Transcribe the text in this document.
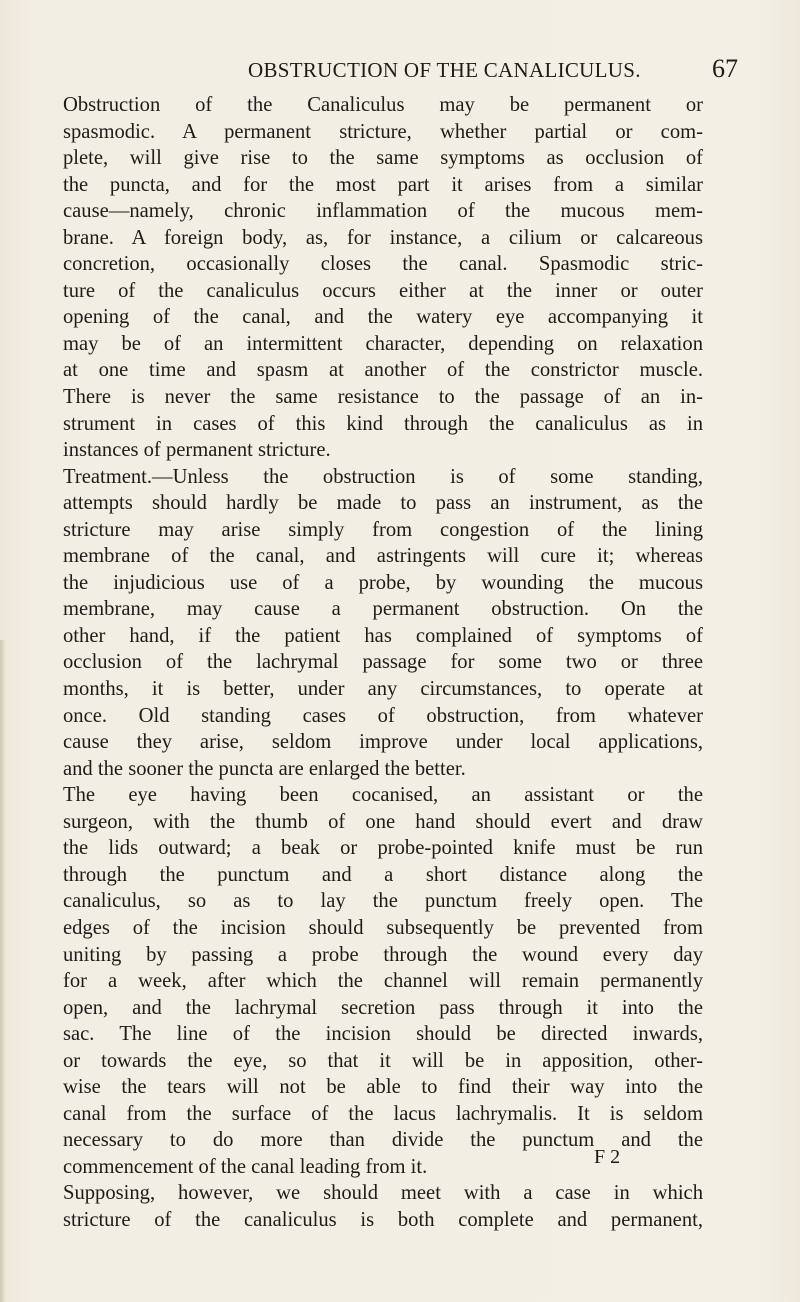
OBSTRUCTION OF THE CANALICULUS.	67
Obstruction of the Canaliculus may be permanent or
spasmodic. A permanent stricture, whether partial or com-
plete, will give rise to the same symptoms as occlusion of
the puncta, and for the most part it arises from a similar
cause—namely, chronic inflammation of the mucous mem-
brane. A foreign body, as, for instance, a cilium or calcareous
concretion, occasionally closes the canal. Spasmodic stric-
ture of the canaliculus occurs either at the inner or outer
opening of the canal, and the watery eye accompanying it
may be of an intermittent character, depending on relaxation
at one time and spasm at another of the constrictor muscle.
There is never the same resistance to the passage of an in-
strument in cases of this kind through the canaliculus as in
instances of permanent stricture.
Treatment.—Unless the obstruction is of some standing,
attempts should hardly be made to pass an instrument, as the
stricture may arise simply from congestion of the lining
membrane of the canal, and astringents will cure it; whereas
the injudicious use of a probe, by wounding the mucous
membrane, may cause a permanent obstruction. On the
other hand, if the patient has complained of symptoms of
occlusion of the lachrymal passage for some two or three
months, it is better, under any circumstances, to operate at
once. Old standing cases of obstruction, from whatever
cause they arise, seldom improve under local applications,
and the sooner the puncta are enlarged the better.
The eye having been cocanised, an assistant or the
surgeon, with the thumb of one hand should evert and draw
the lids outward; a beak or probe-pointed knife must be run
through the punctum and a short distance along the
canaliculus, so as to lay the punctum freely open. The
edges of the incision should subsequently be prevented from
uniting by passing a probe through the wound every day
for a week, after which the channel will remain permanently
open, and the lachrymal secretion pass through it into the
sac. The line of the incision should be directed inwards,
or towards the eye, so that it will be in apposition, other-
wise the tears will not be able to find their way into the
canal from the surface of the lacus lachrymalis. It is seldom
necessary to do more than divide the punctum and the
commencement of the canal leading from it.
Supposing, however, we should meet with a case in which
stricture of the canaliculus is both complete and permanent,
F 2
